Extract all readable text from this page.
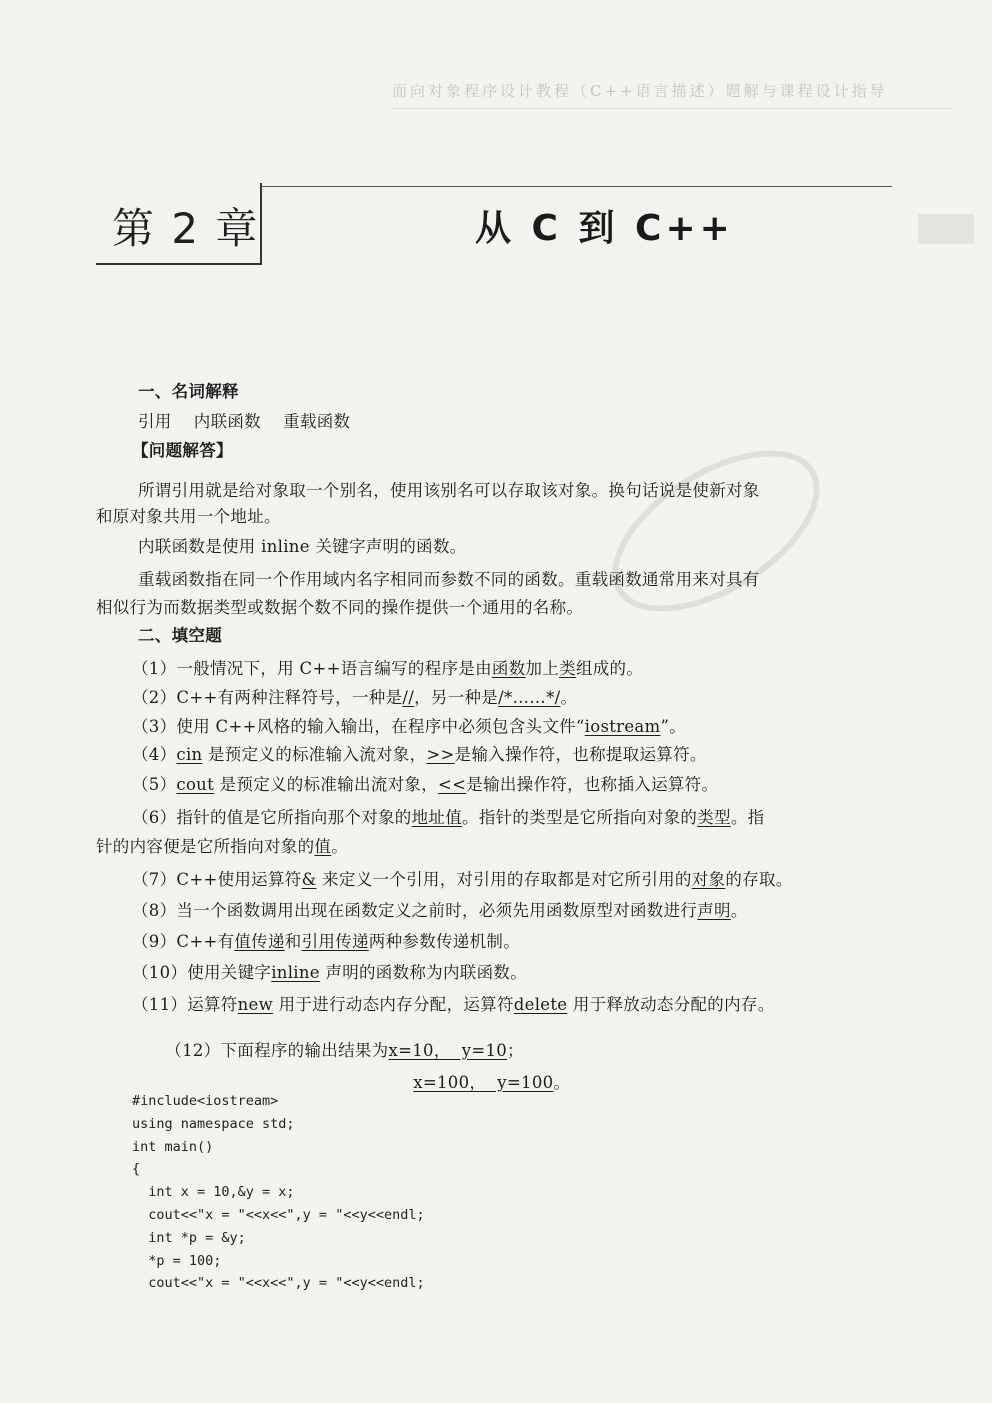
面向对象程序设计教程（C++语言描述）题解与课程设计指导
第 2 章	从 C 到 C++
一、名词解释
引用    内联函数    重载函数
【问题解答】
所谓引用就是给对象取一个别名，使用该别名可以存取该对象。换句话说是使新对象
和原对象共用一个地址。
内联函数是使用 inline 关键字声明的函数。
重载函数指在同一个作用域内名字相同而参数不同的函数。重载函数通常用来对具有
相似行为而数据类型或数据个数不同的操作提供一个通用的名称。
二、填空题
（1）一般情况下，用 C++语言编写的程序是由函数加上类组成的。
（2）C++有两种注释符号，一种是//，另一种是/*……*/。
（3）使用 C++风格的输入输出，在程序中必须包含头文件“iostream”。
（4）cin 是预定义的标准输入流对象，>>是输入操作符，也称提取运算符。
（5）cout 是预定义的标准输出流对象，<<是输出操作符，也称插入运算符。
（6）指针的值是它所指向那个对象的地址值。指针的类型是它所指向对象的类型。指
针的内容便是它所指向对象的值。
（7）C++使用运算符& 来定义一个引用，对引用的存取都是对它所引用的对象的存取。
（8）当一个函数调用出现在函数定义之前时，必须先用函数原型对函数进行声明。
（9）C++有值传递和引用传递两种参数传递机制。
（10）使用关键字inline 声明的函数称为内联函数。
（11）运算符new 用于进行动态内存分配，运算符delete 用于释放动态分配的内存。

（12）下面程序的输出结果为x=10，  y=10；

x=100，  y=100。

#include<iostream>
using namespace std;
int main()
{
int x = 10,&y = x;
cout<<"x = "<<x<<",y = "<<y<<endl;
int *p = &y;
*p = 100;
cout<<"x = "<<x<<",y = "<<y<<endl;
